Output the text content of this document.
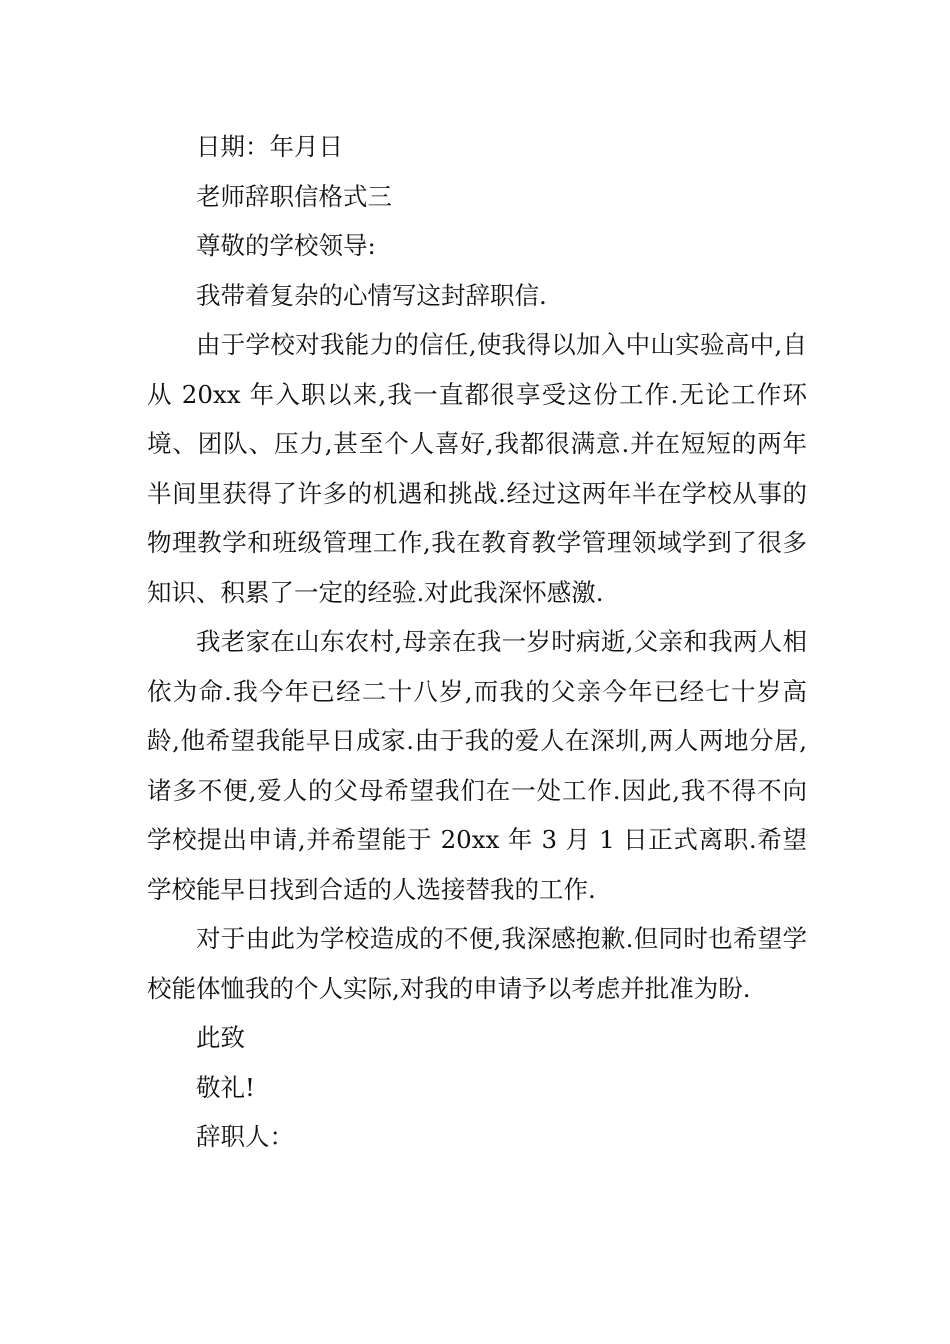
日期：年月日

老师辞职信格式三

尊敬的学校领导:

我带着复杂的心情写这封辞职信.

由于学校对我能力的信任,使我得以加入中山实验高中,自从 20xx 年入职以来,我一直都很享受这份工作.无论工作环境、团队、压力,甚至个人喜好,我都很满意.并在短短的两年半间里获得了许多的机遇和挑战.经过这两年半在学校从事的物理教学和班级管理工作,我在教育教学管理领域学到了很多知识、积累了一定的经验.对此我深怀感激.

我老家在山东农村,母亲在我一岁时病逝,父亲和我两人相依为命.我今年已经二十八岁,而我的父亲今年已经七十岁高龄,他希望我能早日成家.由于我的爱人在深圳,两人两地分居,诸多不便,爱人的父母希望我们在一处工作.因此,我不得不向学校提出申请,并希望能于 20xx 年 3 月 1 日正式离职.希望学校能早日找到合适的人选接替我的工作.

对于由此为学校造成的不便,我深感抱歉.但同时也希望学校能体恤我的个人实际,对我的申请予以考虑并批准为盼.

此致

敬礼!

辞职人：
